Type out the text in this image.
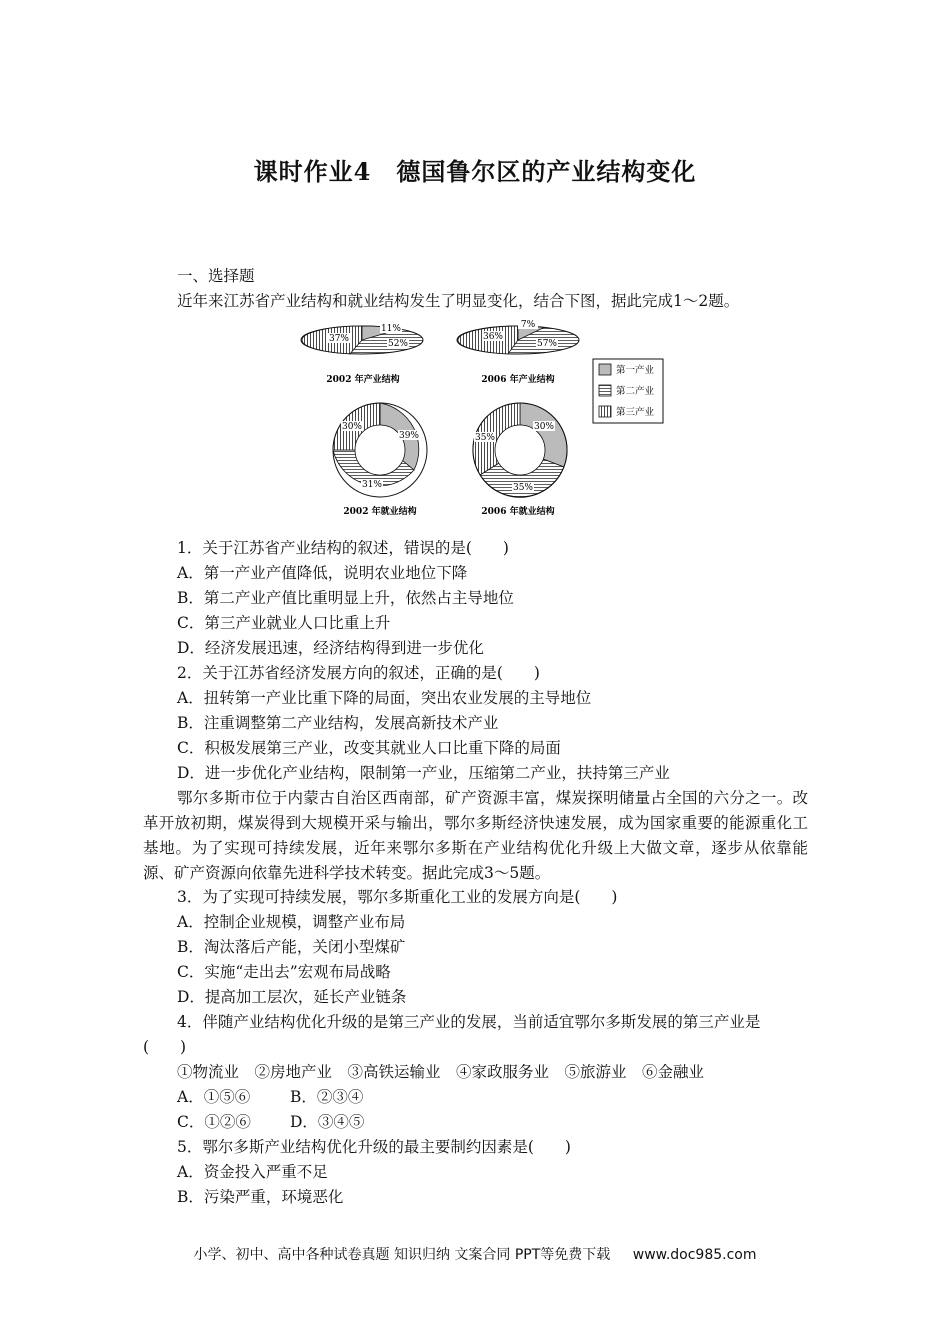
课时作业4　德国鲁尔区的产业结构变化
一、选择题
近年来江苏省产业结构和就业结构发生了明显变化，结合下图，据此完成1～2题。
37%
11%
52%
2002 年产业结构
36%
7%
57%
2006 年产业结构
第一产业
第二产业
第三产业
39%
31%
30%
2002 年就业结构
30%
35%
35%
2006 年就业结构
1．关于江苏省产业结构的叙述，错误的是(　　)
A．第一产业产值降低，说明农业地位下降
B．第二产业产值比重明显上升，依然占主导地位
C．第三产业就业人口比重上升
D．经济发展迅速，经济结构得到进一步优化
2．关于江苏省经济发展方向的叙述，正确的是(　　)
A．扭转第一产业比重下降的局面，突出农业发展的主导地位
B．注重调整第二产业结构，发展高新技术产业
C．积极发展第三产业，改变其就业人口比重下降的局面
D．进一步优化产业结构，限制第一产业，压缩第二产业，扶持第三产业
鄂尔多斯市位于内蒙古自治区西南部，矿产资源丰富，煤炭探明储量占全国的六分之一。改革开放初期，煤炭得到大规模开采与输出，鄂尔多斯经济快速发展，成为国家重要的能源重化工基地。为了实现可持续发展，近年来鄂尔多斯在产业结构优化升级上大做文章，逐步从依靠能源、矿产资源向依靠先进科学技术转变。据此完成3～5题。
3．为了实现可持续发展，鄂尔多斯重化工业的发展方向是(　　)
A．控制企业规模，调整产业布局
B．淘汰落后产能，关闭小型煤矿
C．实施“走出去”宏观布局战略
D．提高加工层次，延长产业链条
4．伴随产业结构优化升级的是第三产业的发展，当前适宜鄂尔多斯发展的第三产业是
(　　)
①物流业　②房地产业　③高铁运输业　④家政服务业　⑤旅游业　⑥金融业
A．①⑤⑥	B．②③④
C．①②⑥	D．③④⑤
5．鄂尔多斯产业结构优化升级的最主要制约因素是(　　)
A．资金投入严重不足
B．污染严重，环境恶化
小学、初中、高中各种试卷真题 知识归纳 文案合同 PPT等免费下载 www.doc985.com
